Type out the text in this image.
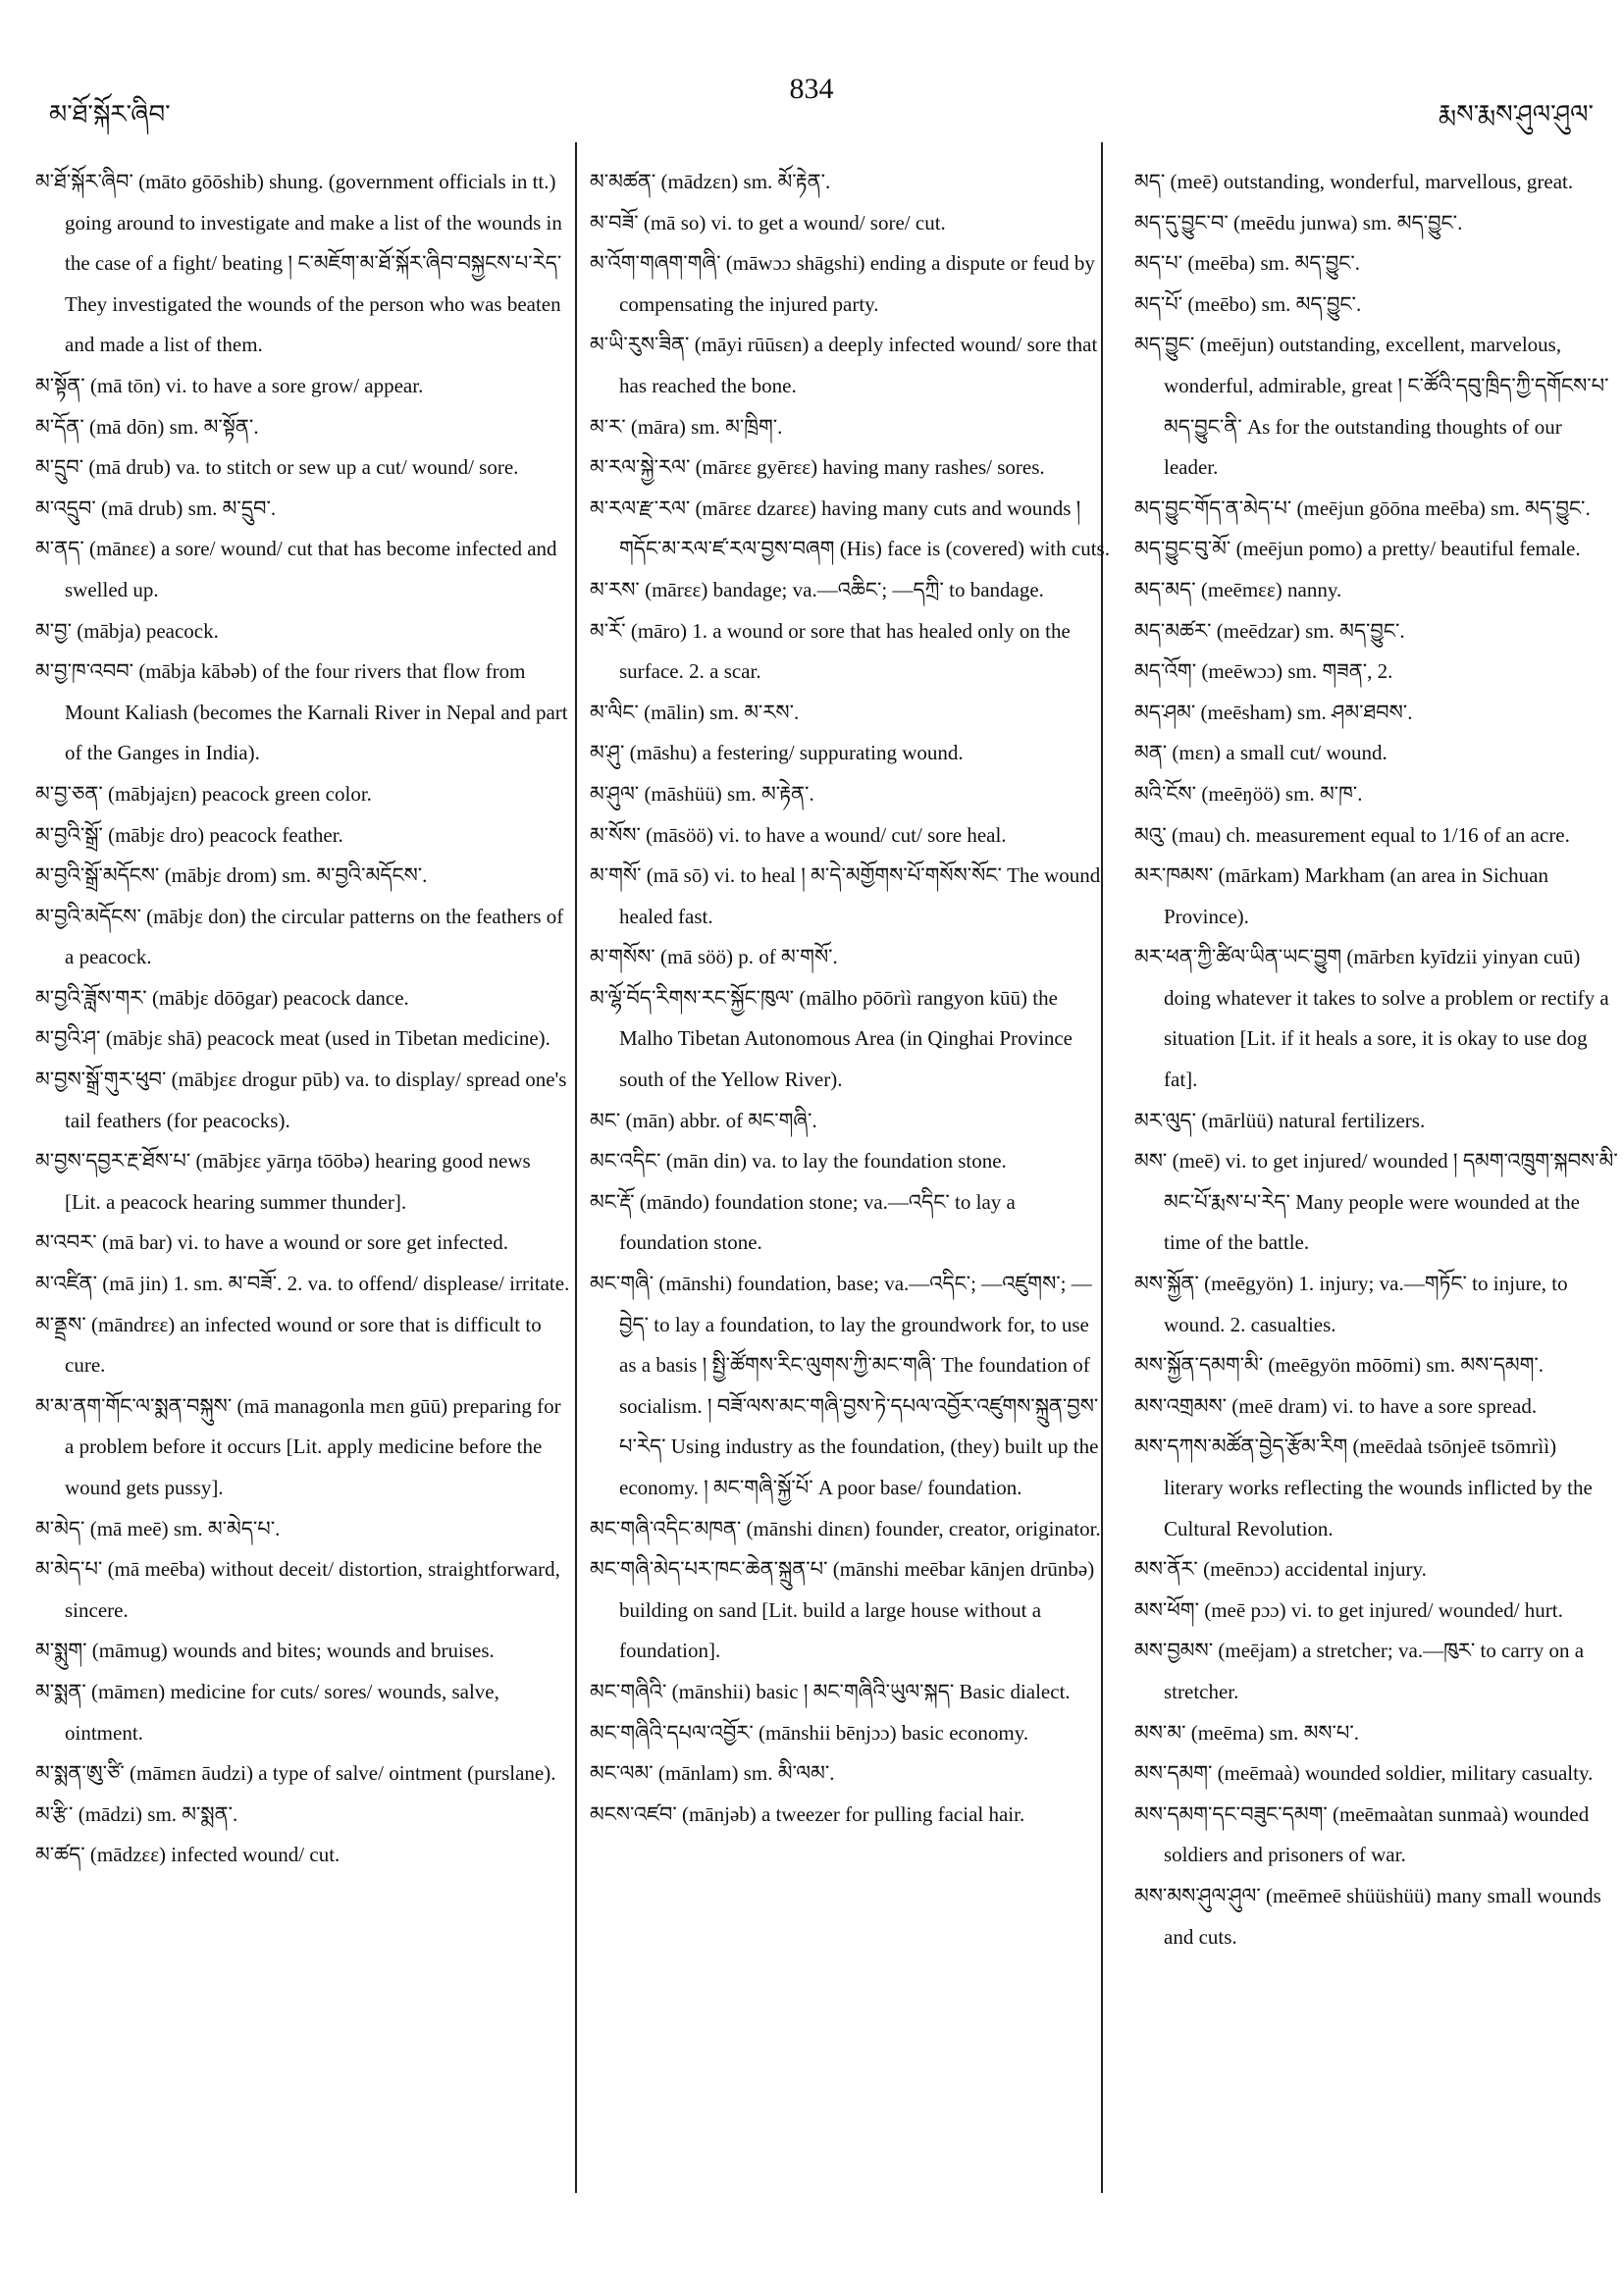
མ་ཐོ་སྐོར་ཞིབ་
834
རྨས་རྨས་ཤུལ་ཤུལ་

མ་ཐོ་སྐོར་ཞིབ་ (māto gōōshib) shung. (government officials in tt.) going around to investigate and make a list of the wounds in the case of a fight/ beating ། ང་མཇོག་མ་ཐོ་སྐོར་ཞིབ་བསྐྱངས་པ་རེད་ They investigated the wounds of the person who was beaten and made a list of them.

མ་སྟོན་ (mā tōn) vi. to have a sore grow/ appear.

མ་དོན་ (mā dōn) sm. མ་སྟོན་.

མ་དྲུབ་ (mā drub) va. to stitch or sew up a cut/ wound/ sore.

མ་འདྲུབ་ (mā drub) sm. མ་དྲུབ་.

མ་ནད་ (mānɛɛ) a sore/ wound/ cut that has become infected and swelled up.

མ་བྱ་ (mābja) peacock.

མ་བྱ་ཁ་འབབ་ (mābja kābəb) of the four rivers that flow from Mount Kaliash (becomes the Karnali River in Nepal and part of the Ganges in India).

མ་བྱ་ཅན་ (mābjajɛn) peacock green color.

མ་བྱའི་སྒྲོ་ (mābjɛ dro) peacock feather.

མ་བྱའི་སྒྲོ་མདོངས་ (mābjɛ drom) sm. མ་བྱའི་མདོངས་.

མ་བྱའི་མདོངས་ (mābjɛ don) the circular patterns on the feathers of a peacock.

མ་བྱའི་ཟློས་གར་ (mābjɛ dōōgar) peacock dance.

མ་བྱའི་ཤ་ (mābjɛ shā) peacock meat (used in Tibetan medicine).

མ་བྱས་སྒྲོ་གུར་ཕུབ་ (mābjɛɛ drogur pūb) va. to display/ spread one's tail feathers (for peacocks).

མ་བྱས་དབྱར་རྔ་ཐོས་པ་ (mābjɛɛ yārŋa tōōbə) hearing good news [Lit. a peacock hearing summer thunder].

མ་འབར་ (mā bar) vi. to have a wound or sore get infected.

མ་འཛིན་ (mā jin) 1. sm. མ་བཟོ་. 2. va. to offend/ displease/ irritate.

མ་ནྡྲས་ (māndrɛɛ) an infected wound or sore that is difficult to cure.

མ་མ་ནག་གོང་ལ་སྨན་བསྐུས་ (mā managonla mɛn gūū) preparing for a problem before it occurs [Lit. apply medicine before the wound gets pussy].

མ་མེད་ (mā meē) sm. མ་མེད་པ་.

མ་མེད་པ་ (mā meēba) without deceit/ distortion, straightforward, sincere.

མ་སྨུག་ (māmug) wounds and bites; wounds and bruises.

མ་སྨན་ (māmɛn) medicine for cuts/ sores/ wounds, salve, ointment.

མ་སྨན་ཨུ་ཙི་ (māmɛn āudzi) a type of salve/ ointment (purslane).

མ་རྩི་ (mādzi) sm. མ་སྨན་.

མ་ཚད་ (mādzɛɛ) infected wound/ cut.

མ་མཚན་ (mādzɛn) sm. མོ་རྟེན་.

མ་བཟོ་ (mā so) vi. to get a wound/ sore/ cut.

མ་འོག་གཞག་གཞི་ (māwɔɔ shāgshi) ending a dispute or feud by compensating the injured party.

མ་ཡི་རུས་ཟིན་ (māyi rūūsɛn) a deeply infected wound/ sore that has reached the bone.

མ་ར་ (māra) sm. མ་ཁྲིག་.

མ་རལ་སྐྱེ་རལ་ (mārɛɛ gyērɛɛ) having many rashes/ sores.

མ་རལ་རྫ་རལ་ (mārɛɛ dzarɛɛ) having many cuts and wounds ། གདོང་མ་རལ་ཛ་རལ་བྱས་བཞག (His) face is (covered) with cuts.

མ་རས་ (mārɛɛ) bandage; va.—འཆིང་; —དཀྲི་ to bandage.

མ་རོ་ (māro) 1. a wound or sore that has healed only on the surface. 2. a scar.

མ་ལིང་ (mālin) sm. མ་རས་.

མ་ཤུ་ (māshu) a festering/ suppurating wound.

མ་ཤུལ་ (māshüü) sm. མ་རྟེན་.

མ་སོས་ (māsöö) vi. to have a wound/ cut/ sore heal.

མ་གསོ་ (mā sō) vi. to heal ། མ་དེ་མགྱོགས་པོ་གསོས་སོང་ The wound healed fast.

མ་གསོས་ (mā söö) p. of མ་གསོ་.

མ་ལྷོ་བོད་རིགས་རང་སྐྱོང་ཁུལ་ (mālho pōōrìì rangyon kūū) the Malho Tibetan Autonomous Area (in Qinghai Province south of the Yellow River).

མང་ (mān) abbr. of མང་གཞི་.

མང་འདིང་ (mān din) va. to lay the foundation stone.

མང་རྡོ་ (māndo) foundation stone; va.—འདིང་ to lay a foundation stone.

མང་གཞི་ (mānshi) foundation, base; va.—འདིང་; —འཛུགས་; —བྱེད་ to lay a foundation, to lay the groundwork for, to use as a basis ། སྤྱི་ཚོགས་རིང་ལུགས་ཀྱི་མང་གཞི་ The foundation of socialism. ། བཟོ་ལས་མང་གཞི་བྱས་ཏེ་དཔལ་འབྱོར་འཛུགས་སྐྲུན་བྱས་པ་རེད་ Using industry as the foundation, (they) built up the economy. ། མང་གཞི་སྐྱོ་པོ་ A poor base/ foundation.

མང་གཞི་འདིང་མཁན་ (mānshi dinɛn) founder, creator, originator.

མང་གཞི་མེད་པར་ཁང་ཆེན་སྐྲུན་པ་ (mānshi meēbar kānjen drūnbə) building on sand [Lit. build a large house without a foundation].

མང་གཞིའི་ (mānshii) basic ། མང་གཞིའི་ཡུལ་སྐད་ Basic dialect.

མང་གཞིའི་དཔལ་འབྱོར་ (mānshii bēnjɔɔ) basic economy.

མང་ལམ་ (mānlam) sm. མི་ལམ་.

མངས་འཛབ་ (mānjəb) a tweezer for pulling facial hair.

མད་ (meē) outstanding, wonderful, marvellous, great.

མད་དུ་བྱུང་བ་ (meēdu junwa) sm. མད་བྱུང་.

མད་པ་ (meēba) sm. མད་བྱུང་.

མད་པོ་ (meēbo) sm. མད་བྱུང་.

མད་བྱུང་ (meējun) outstanding, excellent, marvelous, wonderful, admirable, great ། ང་ཚོའི་དབུ་ཁྲིད་ཀྱི་དགོངས་པ་མད་བྱུང་ནི་ As for the outstanding thoughts of our leader.

མད་བྱུང་གོད་ན་མེད་པ་ (meējun gōōna meēba) sm. མད་བྱུང་.

མད་བྱུང་བུ་མོ་ (meējun pomo) a pretty/ beautiful female.

མད་མད་ (meēmɛɛ) nanny.

མད་མཚར་ (meēdzar) sm. མད་བྱུང་.

མད་འོག་ (meēwɔɔ) sm. གཟན་, 2.

མད་ཤམ་ (meēsham) sm. ཤམ་ཐབས་.

མན་ (mɛn) a small cut/ wound.

མའི་ངོས་ (meēŋöö) sm. མ་ཁ་.

མའུ་ (mau) ch. measurement equal to 1/16 of an acre.

མར་ཁམས་ (mārkam) Markham (an area in Sichuan Province).

མར་ཕན་ཀྱི་ཚིལ་ཡིན་ཡང་བྱུག (mārbɛn kyīdzii yinyan cuū) doing whatever it takes to solve a problem or rectify a situation [Lit. if it heals a sore, it is okay to use dog fat].

མར་ལུད་ (mārlüü) natural fertilizers.

མས་ (meē) vi. to get injured/ wounded ། དམག་འཁྲུག་སྐབས་མི་མང་པོ་རྨས་པ་རེད་ Many people were wounded at the time of the battle.

མས་སྐྱོན་ (meēgyön) 1. injury; va.—གཏོང་ to injure, to wound. 2. casualties.

མས་སྐྱོན་དམག་མི་ (meēgyön mōōmi) sm. མས་དམག་.

མས་འགྲམས་ (meē dram) vi. to have a sore spread.

མས་དཀས་མཚོན་བྱེད་རྩོམ་རིག (meēdaà tsōnjeē tsōmrìì) literary works reflecting the wounds inflicted by the Cultural Revolution.

མས་ནོར་ (meēnɔɔ) accidental injury.

མས་ཕོག་ (meē pɔɔ) vi. to get injured/ wounded/ hurt.

མས་བྱམས་ (meējam) a stretcher; va.—ཁུར་ to carry on a stretcher.

མས་མ་ (meēma) sm. མས་པ་.

མས་དམག་ (meēmaà) wounded soldier, military casualty.

མས་དམག་དང་བཟུང་དམག་ (meēmaàtan sunmaà) wounded soldiers and prisoners of war.

མས་མས་ཤུལ་ཤུལ་ (meēmeē shüüshüü) many small wounds and cuts.
